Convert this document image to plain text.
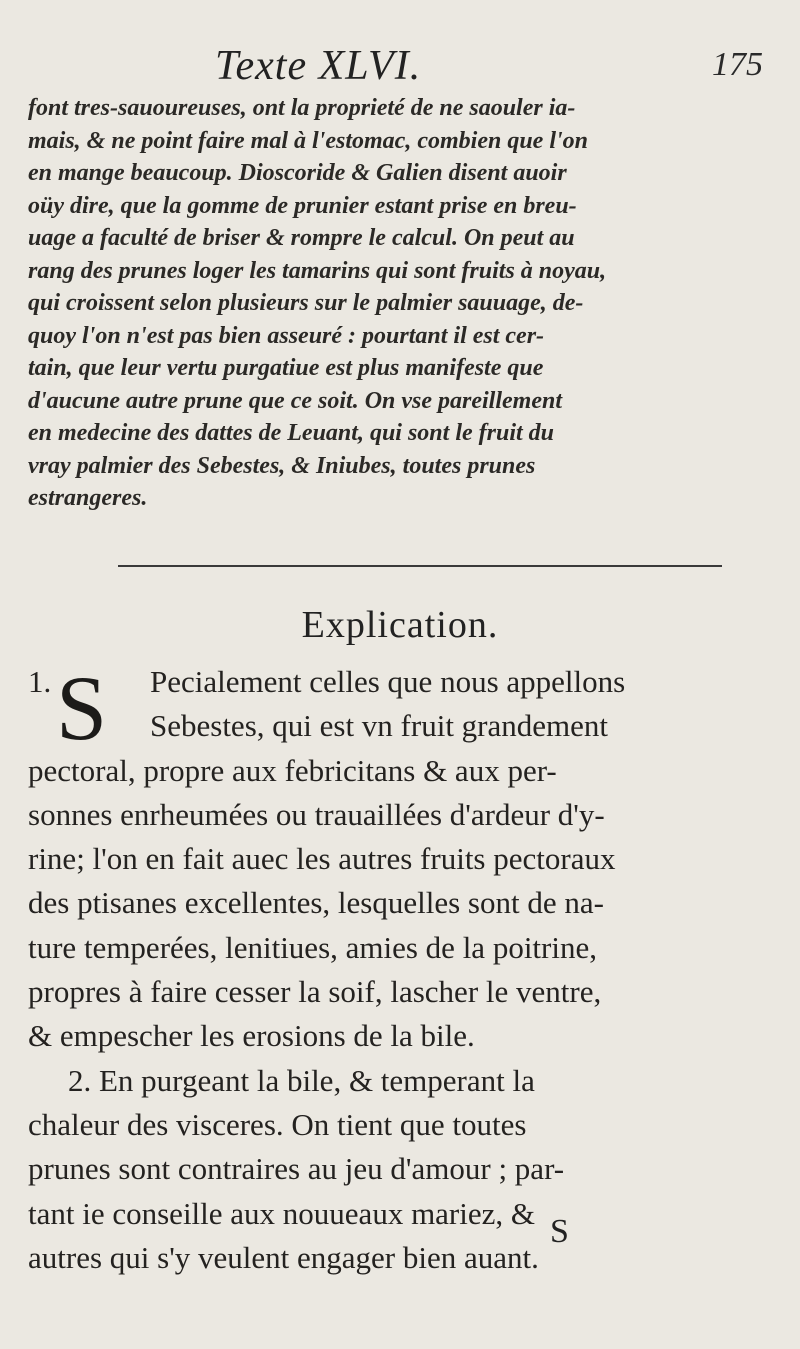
Texte XLVI.	175
font tres-sauoureuses, ont la proprieté de ne saouler ia-
mais, & ne point faire mal à l'estomac, combien que l'on
en mange beaucoup. Dioscoride & Galien disent auoir
oüy dire, que la gomme de prunier estant prise en breu-
uage a faculté de briser & rompre le calcul. On peut au
rang des prunes loger les tamarins qui sont fruits à noyau,
qui croissent selon plusieurs sur le palmier sauuage, de-
quoy l'on n'est pas bien asseuré : pourtant il est cer-
tain, que leur vertu purgatiue est plus manifeste que
d'aucune autre prune que ce soit. On vse pareillement
en medecine des dattes de Leuant, qui sont le fruit du
vray palmier des Sebestes, & Iniubes, toutes prunes
estrangeres.
Explication.
S
1.	Pecialement celles que nous appellons
Sebestes, qui est vn fruit grandement
pectoral, propre aux febricitans & aux per-
sonnes enrheumées ou trauaillées d'ardeur d'y-
rine; l'on en fait auec les autres fruits pectoraux
des ptisanes excellentes, lesquelles sont de na-
ture temperées, lenitiues, amies de la poitrine,
propres à faire cesser la soif, lascher le ventre,
& empescher les erosions de la bile.
2. En purgeant la bile, & temperant la
chaleur des visceres. On tient que toutes
prunes sont contraires au jeu d'amour ; par-
tant ie conseille aux nouueaux mariez, &
autres qui s'y veulent engager bien auant.
S
